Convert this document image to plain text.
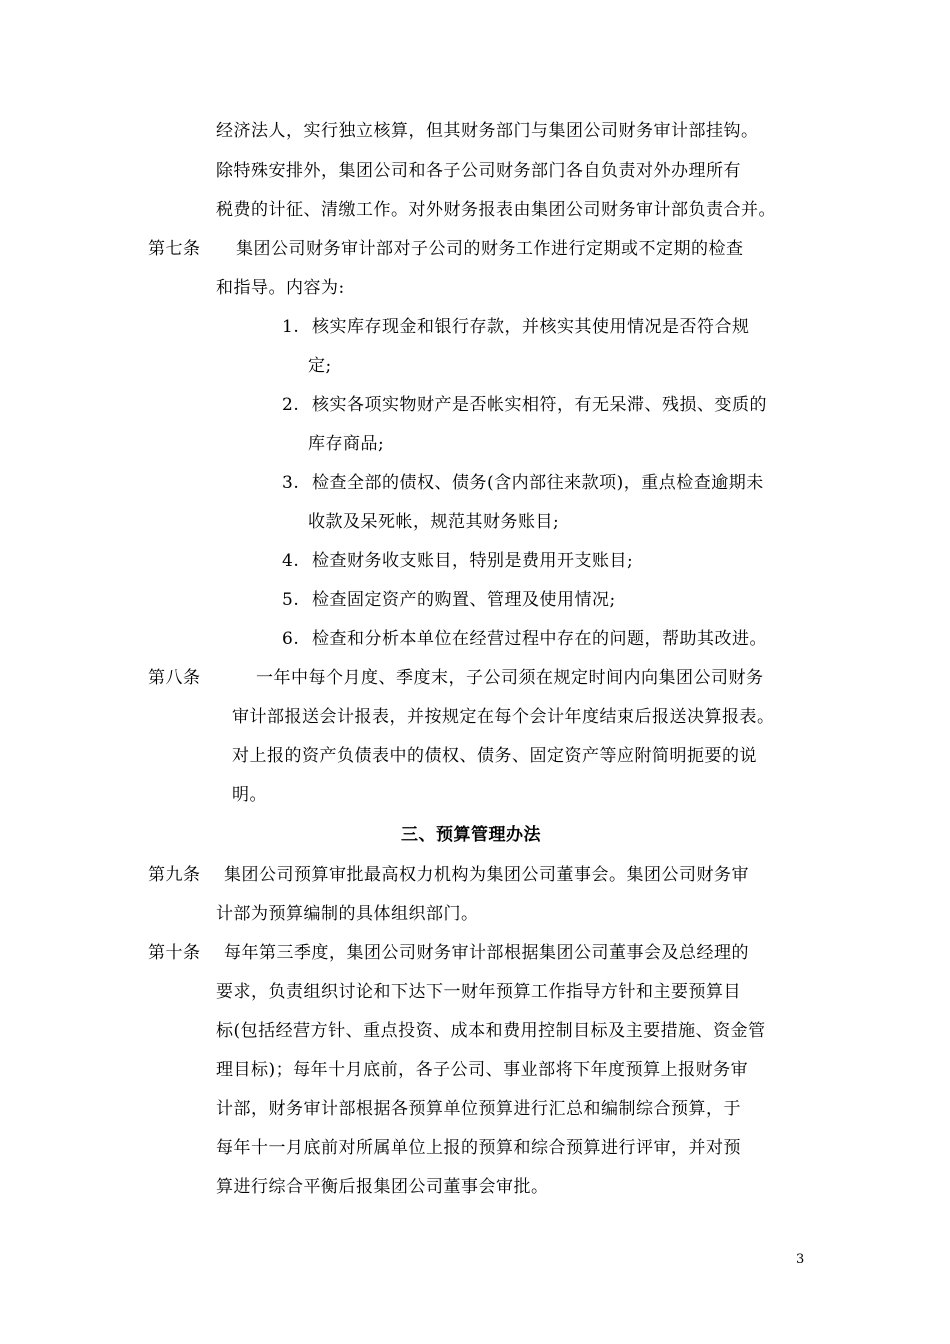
经济法人，实行独立核算，但其财务部门与集团公司财务审计部挂钩。
除特殊安排外，集团公司和各子公司财务部门各自负责对外办理所有
税费的计征、清缴工作。对外财务报表由集团公司财务审计部负责合并。
第七条 集团公司财务审计部对子公司的财务工作进行定期或不定期的检查
和指导。内容为:
1. 核实库存现金和银行存款，并核实其使用情况是否符合规
定;
2. 核实各项实物财产是否帐实相符，有无呆滞、残损、变质的
库存商品;
3. 检查全部的债权、债务(含内部往来款项)，重点检查逾期未
收款及呆死帐，规范其财务账目;
4. 检查财务收支账目，特别是费用开支账目;
5. 检查固定资产的购置、管理及使用情况;
6. 检查和分析本单位在经营过程中存在的问题，帮助其改进。
第八条	一年中每个月度、季度末，子公司须在规定时间内向集团公司财务
审计部报送会计报表，并按规定在每个会计年度结束后报送决算报表。
对上报的资产负债表中的债权、债务、固定资产等应附简明扼要的说
明。
三、预算管理办法
第九条 集团公司预算审批最高权力机构为集团公司董事会。集团公司财务审
计部为预算编制的具体组织部门。
第十条 每年第三季度，集团公司财务审计部根据集团公司董事会及总经理的
要求，负责组织讨论和下达下一财年预算工作指导方针和主要预算目
标(包括经营方针、重点投资、成本和费用控制目标及主要措施、资金管
理目标)；每年十月底前，各子公司、事业部将下年度预算上报财务审
计部，财务审计部根据各预算单位预算进行汇总和编制综合预算，于
每年十一月底前对所属单位上报的预算和综合预算进行评审，并对预
算进行综合平衡后报集团公司董事会审批。
3
